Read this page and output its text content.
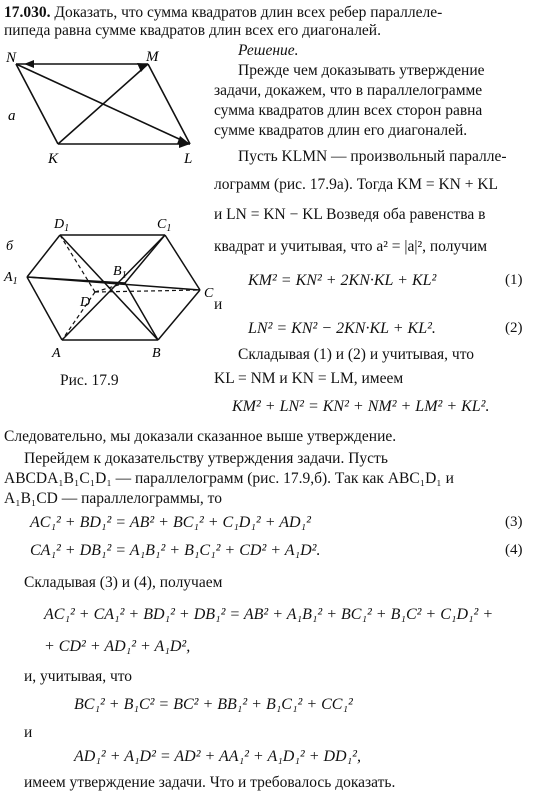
17.030. Доказать, что сумма квадратов длин всех ребер параллеле-
пипеда равна сумме квадратов длин всех его диагоналей.
Решение.
N	M
K	L
a
$D_1$	$C_1$
$A_1$
$B_1$
D
C
A	B
б
Рис. 17.9
Прежде чем доказывать утверждение
задачи, докажем, что в параллелограмме
сумма квадратов длин всех сторон равна
сумме квадратов длин его диагоналей.
Пусть KLMN — произвольный паралле-
лограмм (рис. 17.9а). Тогда KM = KN + KL
и LN = KN − KL Возведя оба равенства в
квадрат и учитывая, что a² = |a|², получим
KM² = KN² + 2KN·KL + KL²	(1)
и
LN² = KN² − 2KN·KL + KL².	(2)
Складывая (1) и (2) и учитывая, что
KL = NM и KN = LM, имеем
KM² + LN² = KN² + NM² + LM² + KL².
Следовательно, мы доказали сказанное выше утверждение.
Перейдем к доказательству утверждения задачи. Пусть
ABCDA₁B₁C₁D₁ — параллелограмм (рис. 17.9,б). Так как ABC₁D₁ и
A₁B₁CD — параллелограммы, то
AC₁² + BD₁² = AB² + BC₁² + C₁D₁² + AD₁²	(3)
CA₁² + DB₁² = A₁B₁² + B₁C₁² + CD² + A₁D².	(4)
Складывая (3) и (4), получаем
AC₁² + CA₁² + BD₁² + DB₁² = AB² + A₁B₁² + BC₁² + B₁C² + C₁D₁² +
+ CD² + AD₁² + A₁D²,
и, учитывая, что
BC₁² + B₁C² = BC² + BB₁² + B₁C₁² + CC₁²
и
AD₁² + A₁D² = AD² + AA₁² + A₁D₁² + DD₁²,
имеем утверждение задачи. Что и требовалось доказать.
